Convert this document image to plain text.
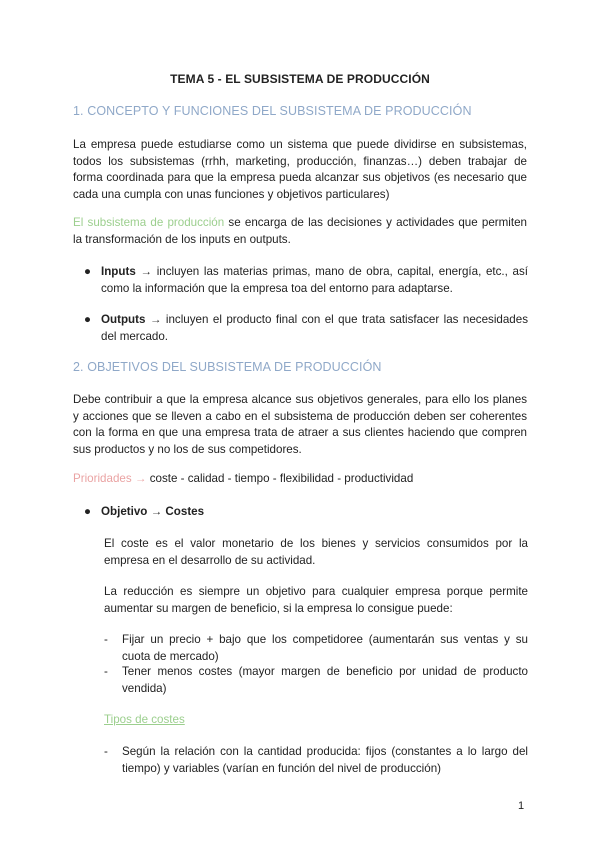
TEMA 5 - EL SUBSISTEMA DE PRODUCCIÓN
1. CONCEPTO Y FUNCIONES DEL SUBSISTEMA DE PRODUCCIÓN
La empresa puede estudiarse como un sistema que puede dividirse en subsistemas, todos los subsistemas (rrhh, marketing, producción, finanzas…) deben trabajar de forma coordinada para que la empresa pueda alcanzar sus objetivos (es necesario que cada una cumpla con unas funciones y objetivos particulares)
El subsistema de producción se encarga de las decisiones y actividades que permiten la transformación de los inputs en outputs.
● Inputs → incluyen las materias primas, mano de obra, capital, energía, etc., así como la información que la empresa toa del entorno para adaptarse.
● Outputs → incluyen el producto final con el que trata satisfacer las necesidades del mercado.
2. OBJETIVOS DEL SUBSISTEMA DE PRODUCCIÓN
Debe contribuir a que la empresa alcance sus objetivos generales, para ello los planes y acciones que se lleven a cabo en el subsistema de producción deben ser coherentes con la forma en que una empresa trata de atraer a sus clientes haciendo que compren sus productos y no los de sus competidores.
Prioridades → coste - calidad - tiempo - flexibilidad - productividad
● Objetivo → Costes
El coste es el valor monetario de los bienes y servicios consumidos por la empresa en el desarrollo de su actividad.
La reducción es siempre un objetivo para cualquier empresa porque permite aumentar su margen de beneficio, si la empresa lo consigue puede:
- Fijar un precio + bajo que los competidoree (aumentarán sus ventas y su cuota de mercado)
- Tener menos costes (mayor margen de beneficio por unidad de producto vendida)
Tipos de costes
- Según la relación con la cantidad producida: fijos (constantes a lo largo del tiempo) y variables (varían en función del nivel de producción)
1
